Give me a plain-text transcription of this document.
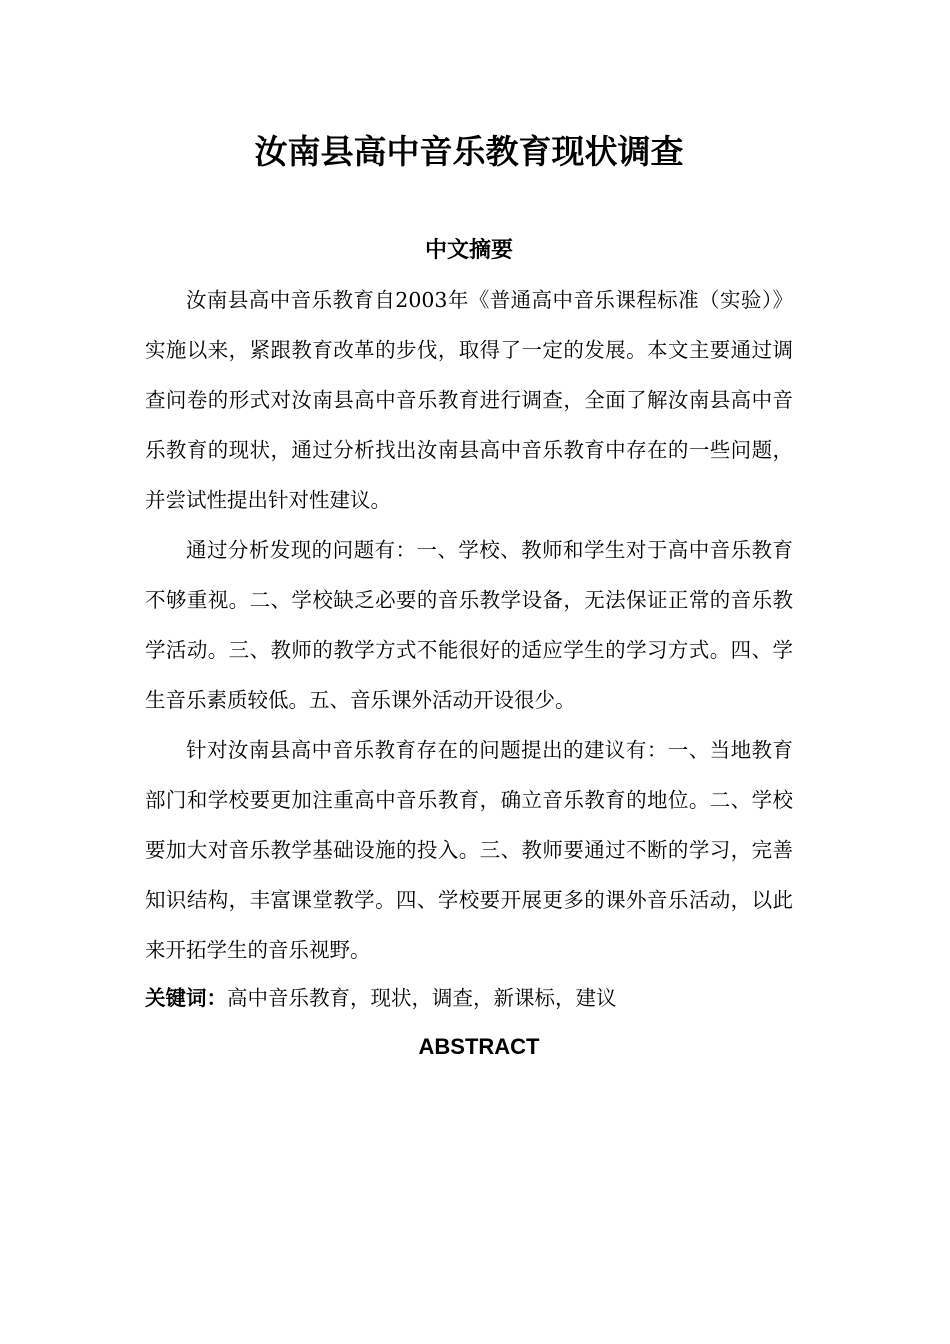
汝南县高中音乐教育现状调查
中文摘要

汝南县高中音乐教育自2003年《普通高中音乐课程标准（实验）》实施以来，紧跟教育改革的步伐，取得了一定的发展。本文主要通过调查问卷的形式对汝南县高中音乐教育进行调查，全面了解汝南县高中音乐教育的现状，通过分析找出汝南县高中音乐教育中存在的一些问题，并尝试性提出针对性建议。

通过分析发现的问题有：一、学校、教师和学生对于高中音乐教育不够重视。二、学校缺乏必要的音乐教学设备，无法保证正常的音乐教学活动。三、教师的教学方式不能很好的适应学生的学习方式。四、学生音乐素质较低。五、音乐课外活动开设很少。

针对汝南县高中音乐教育存在的问题提出的建议有：一、当地教育部门和学校要更加注重高中音乐教育，确立音乐教育的地位。二、学校要加大对音乐教学基础设施的投入。三、教师要通过不断的学习，完善知识结构，丰富课堂教学。四、学校要开展更多的课外音乐活动，以此来开拓学生的音乐视野。

关键词：高中音乐教育，现状，调查，新课标，建议

ABSTRACT
